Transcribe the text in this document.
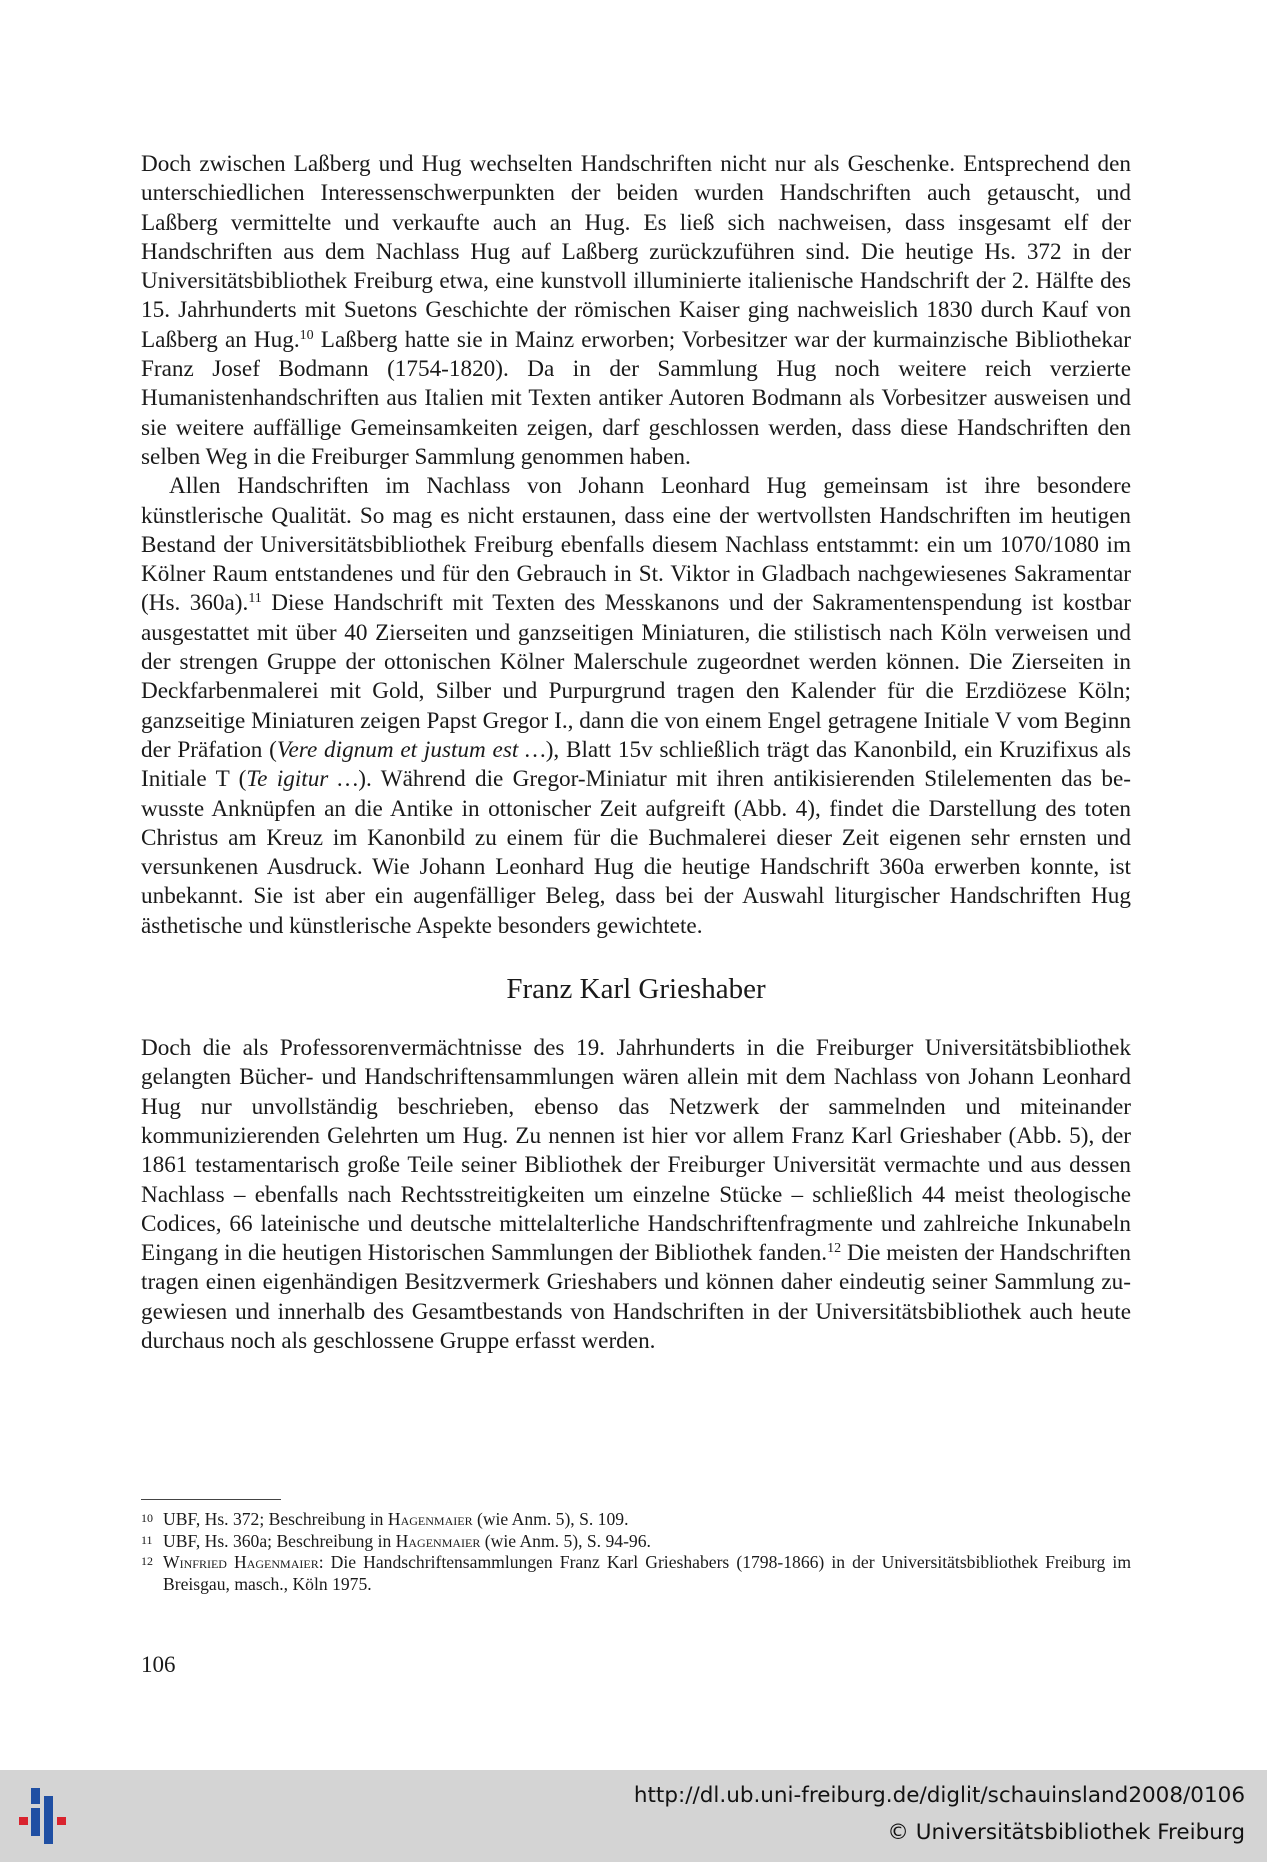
Doch zwischen Laßberg und Hug wechselten Handschriften nicht nur als Geschenke. Entsprechend den unterschiedlichen Interessenschwerpunkten der beiden wurden Handschriften auch getauscht, und Laßberg vermittelte und verkaufte auch an Hug. Es ließ sich nachweisen, dass insgesamt elf der Handschriften aus dem Nachlass Hug auf Laßberg zurückzuführen sind. Die heutige Hs. 372 in der Universitätsbibliothek Freiburg etwa, eine kunstvoll illuminierte italienische Handschrift der 2. Hälfte des 15. Jahrhunderts mit Suetons Geschichte der römischen Kaiser ging nachweislich 1830 durch Kauf von Laßberg an Hug.$^{10}$ Laßberg hatte sie in Mainz erworben; Vorbesitzer war der kurmainzische Bibliothekar Franz Josef Bodmann (1754-1820). Da in der Sammlung Hug noch weitere reich verzierte Humanistenhandschriften aus Italien mit Texten antiker Autoren Bodmann als Vorbesitzer ausweisen und sie weitere auffällige Gemeinsamkeiten zeigen, darf geschlossen werden, dass diese Handschriften den selben Weg in die Freiburger Sammlung genommen haben.

Allen Handschriften im Nachlass von Johann Leonhard Hug gemeinsam ist ihre besondere künstlerische Qualität. So mag es nicht erstaunen, dass eine der wertvollsten Handschriften im heutigen Bestand der Universitätsbibliothek Freiburg ebenfalls diesem Nachlass entstammt: ein um 1070/1080 im Kölner Raum entstandenes und für den Gebrauch in St. Viktor in Gladbach nachgewiesenes Sakramentar (Hs. 360a).$^{11}$ Diese Handschrift mit Texten des Messkanons und der Sakramentenspendung ist kostbar ausgestattet mit über 40 Zierseiten und ganzseitigen Miniaturen, die stilistisch nach Köln verweisen und der strengen Gruppe der ottonischen Kölner Malerschule zugeordnet werden können. Die Zierseiten in Deckfarbenmalerei mit Gold, Silber und Purpurgrund tragen den Kalender für die Erzdiözese Köln; ganzseitige Miniaturen zeigen Papst Gregor I., dann die von einem Engel getragene Initiale V vom Beginn der Präfation (Vere dignum et justum est …), Blatt 15v schließlich trägt das Kanonbild, ein Kruzifixus als Initiale T (Te igitur …). Während die Gregor-Miniatur mit ihren antikisierenden Stilelementen das bewusste Anknüpfen an die Antike in ottonischer Zeit aufgreift (Abb. 4), findet die Darstellung des toten Christus am Kreuz im Kanonbild zu einem für die Buchmalerei dieser Zeit eigenen sehr ernsten und versunkenen Ausdruck. Wie Johann Leonhard Hug die heutige Handschrift 360a erwerben konnte, ist unbekannt. Sie ist aber ein augenfälliger Beleg, dass bei der Auswahl liturgischer Handschriften Hug ästhetische und künstlerische Aspekte besonders gewichtete.

Franz Karl Grieshaber

Doch die als Professorenvermächtnisse des 19. Jahrhunderts in die Freiburger Universitätsbibliothek gelangten Bücher- und Handschriftensammlungen wären allein mit dem Nachlass von Johann Leonhard Hug nur unvollständig beschrieben, ebenso das Netzwerk der sammelnden und miteinander kommunizierenden Gelehrten um Hug. Zu nennen ist hier vor allem Franz Karl Grieshaber (Abb. 5), der 1861 testamentarisch große Teile seiner Bibliothek der Freiburger Universität vermachte und aus dessen Nachlass – ebenfalls nach Rechtsstreitigkeiten um einzelne Stücke – schließlich 44 meist theologische Codices, 66 lateinische und deutsche mittelalterliche Handschriftenfragmente und zahlreiche Inkunabeln Eingang in die heutigen Historischen Sammlungen der Bibliothek fanden.$^{12}$ Die meisten der Handschriften tragen einen eigenhändigen Besitzvermerk Grieshabers und können daher eindeutig seiner Sammlung zugewiesen und innerhalb des Gesamtbestands von Handschriften in der Universitätsbibliothek auch heute durchaus noch als geschlossene Gruppe erfasst werden.

10 UBF, Hs. 372; Beschreibung in Hagenmaier (wie Anm. 5), S. 109.
11 UBF, Hs. 360a; Beschreibung in Hagenmaier (wie Anm. 5), S. 94-96.
12 Winfried Hagenmaier: Die Handschriftensammlungen Franz Karl Grieshabers (1798-1866) in der Universitätsbibliothek Freiburg im Breisgau, masch., Köln 1975.
106
http://dl.ub.uni-freiburg.de/diglit/schauinsland2008/0106
© Universitätsbibliothek Freiburg
